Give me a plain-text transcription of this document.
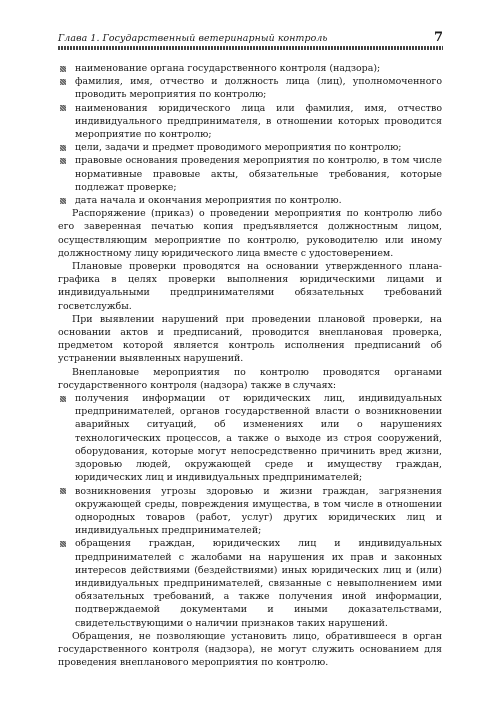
Глава 1. Государственный ветеринарный контроль	7
наименование органа государственного контроля (надзора);
фамилия, имя, отчество и должность лица (лиц), уполномоченного проводить мероприятия по контролю;
наименования юридического лица или фамилия, имя, отчество индивидуального предпринимателя, в отношении которых проводится мероприятие по контролю;
цели, задачи и предмет проводимого мероприятия по контролю;
правовые основания проведения мероприятия по контролю, в том числе нормативные правовые акты, обязательные требования, которые подлежат проверке;
дата начала и окончания мероприятия по контролю.

Распоряжение (приказ) о проведении мероприятия по контролю либо его заверенная печатью копия предъявляется должностным лицом, осуществляющим мероприятие по контролю, руководителю или иному должностному лицу юридического лица вместе с удостоверением.

Плановые проверки проводятся на основании утвержденного плана-графика в целях проверки выполнения юридическими лицами и индивидуальными предпринимателями обязательных требований госветслужбы.

При выявлении нарушений при проведении плановой проверки, на основании актов и предписаний, проводится внеплановая проверка, предметом которой является контроль исполнения предписаний об устранении выявленных нарушений.

Внеплановые мероприятия по контролю проводятся органами государственного контроля (надзора) также в случаях:

получения информации от юридических лиц, индивидуальных предпринимателей, органов государственной власти о возникновении аварийных ситуаций, об изменениях или о нарушениях технологических процессов, а также о выходе из строя сооружений, оборудования, которые могут непосредственно причинить вред жизни, здоровью людей, окружающей среде и имуществу граждан, юридических лиц и индивидуальных предпринимателей;
возникновения угрозы здоровью и жизни граждан, загрязнения окружающей среды, повреждения имущества, в том числе в отношении однородных товаров (работ, услуг) других юридических лиц и индивидуальных предпринимателей;
обращения граждан, юридических лиц и индивидуальных предпринимателей с жалобами на нарушения их прав и законных интересов действиями (бездействиями) иных юридических лиц и (или) индивидуальных предпринимателей, связанные с невыполнением ими обязательных требований, а также получения иной информации, подтверждаемой документами и иными доказательствами, свидетельствующими о наличии признаков таких нарушений.

Обращения, не позволяющие установить лицо, обратившееся в орган государственного контроля (надзора), не могут служить основанием для проведения внепланового мероприятия по контролю.
